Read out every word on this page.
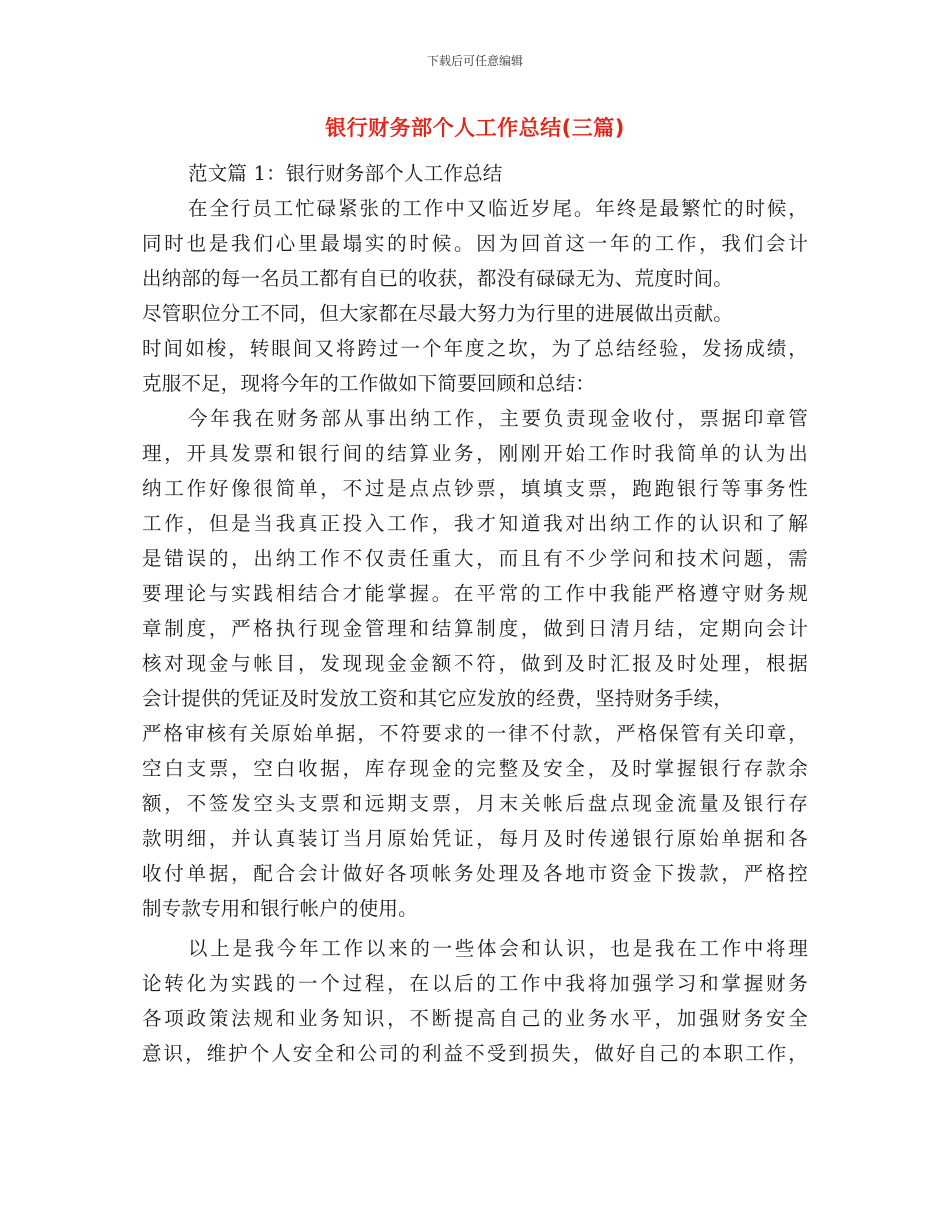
下载后可任意编辑
银行财务部个人工作总结(三篇)
范文篇 1：银行财务部个人工作总结
在全行员工忙碌紧张的工作中又临近岁尾。年终是最繁忙的时候，
同时也是我们心里最塌实的时候。因为回首这一年的工作，我们会计
出纳部的每一名员工都有自已的收获，都没有碌碌无为、荒度时间。
尽管职位分工不同，但大家都在尽最大努力为行里的进展做出贡献。
时间如梭，转眼间又将跨过一个年度之坎，为了总结经验，发扬成绩，
克服不足，现将今年的工作做如下简要回顾和总结：
今年我在财务部从事出纳工作，主要负责现金收付，票据印章管
理，开具发票和银行间的结算业务，刚刚开始工作时我简单的认为出
纳工作好像很简单，不过是点点钞票，填填支票，跑跑银行等事务性
工作，但是当我真正投入工作，我才知道我对出纳工作的认识和了解
是错误的，出纳工作不仅责任重大，而且有不少学问和技术问题，需
要理论与实践相结合才能掌握。在平常的工作中我能严格遵守财务规
章制度，严格执行现金管理和结算制度，做到日清月结，定期向会计
核对现金与帐目，发现现金金额不符，做到及时汇报及时处理，根据
会计提供的凭证及时发放工资和其它应发放的经费，坚持财务手续，
严格审核有关原始单据，不符要求的一律不付款，严格保管有关印章，
空白支票，空白收据，库存现金的完整及安全，及时掌握银行存款余
额，不签发空头支票和远期支票，月末关帐后盘点现金流量及银行存
款明细，并认真装订当月原始凭证，每月及时传递银行原始单据和各
收付单据，配合会计做好各项帐务处理及各地市资金下拨款，严格控
制专款专用和银行帐户的使用。
以上是我今年工作以来的一些体会和认识，也是我在工作中将理
论转化为实践的一个过程，在以后的工作中我将加强学习和掌握财务
各项政策法规和业务知识，不断提高自己的业务水平，加强财务安全
意识，维护个人安全和公司的利益不受到损失，做好自己的本职工作，
